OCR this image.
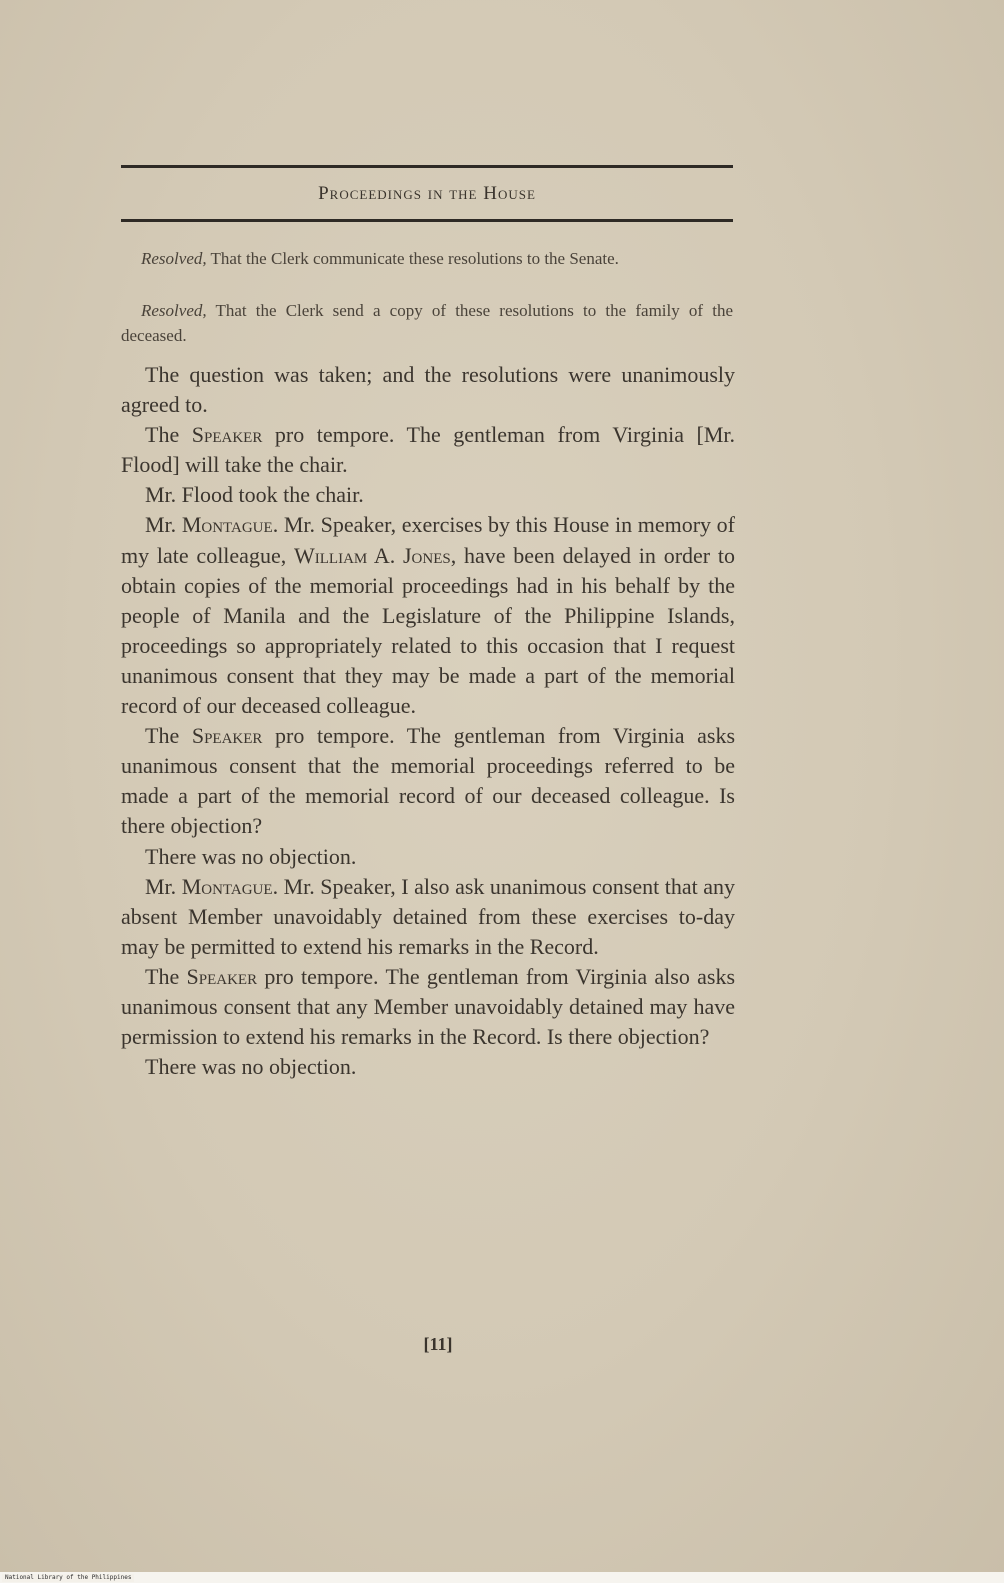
Proceedings in the House

Resolved, That the Clerk communicate these resolutions to the Senate.

Resolved, That the Clerk send a copy of these resolutions to the family of the deceased.

The question was taken; and the resolutions were unanimously agreed to.

The Speaker pro tempore. The gentleman from Virginia [Mr. Flood] will take the chair.

Mr. Flood took the chair.

Mr. Montague. Mr. Speaker, exercises by this House in memory of my late colleague, William A. Jones, have been delayed in order to obtain copies of the memorial proceedings had in his behalf by the people of Manila and the Legislature of the Philippine Islands, proceedings so appropriately related to this occasion that I request unanimous consent that they may be made a part of the memorial record of our deceased colleague.

The Speaker pro tempore. The gentleman from Virginia asks unanimous consent that the memorial proceedings referred to be made a part of the memorial record of our deceased colleague. Is there objection?

There was no objection.

Mr. Montague. Mr. Speaker, I also ask unanimous consent that any absent Member unavoidably detained from these exercises to-day may be permitted to extend his remarks in the Record.

The Speaker pro tempore. The gentleman from Virginia also asks unanimous consent that any Member unavoidably detained may have permission to extend his remarks in the Record. Is there objection?

There was no objection.

[11]
National Library of the Philippines
